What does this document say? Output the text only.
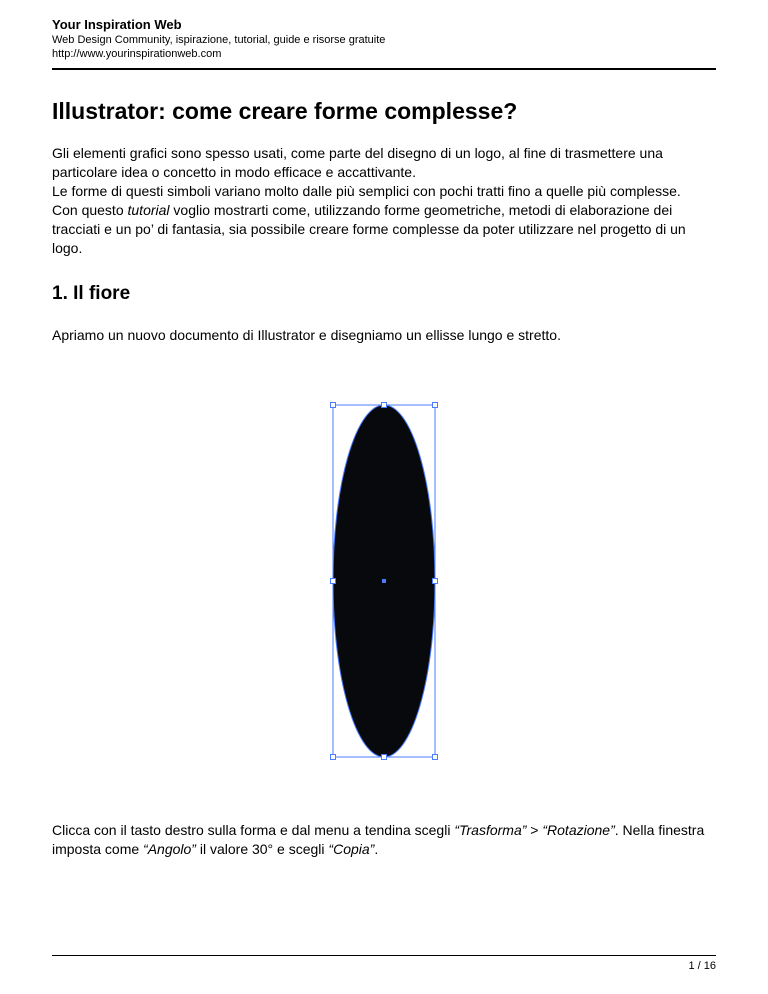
Your Inspiration Web
Web Design Community, ispirazione, tutorial, guide e risorse gratuite
http://www.yourinspirationweb.com
Illustrator: come creare forme complesse?

Gli elementi grafici sono spesso usati, come parte del disegno di un logo, al fine di trasmettere una particolare idea o concetto in modo efficace e accattivante.

Le forme di questi simboli variano molto dalle più semplici con pochi tratti fino a quelle più complesse.

Con questo tutorial voglio mostrarti come, utilizzando forme geometriche, metodi di elaborazione dei tracciati e un po’ di fantasia, sia possibile creare forme complesse da poter utilizzare nel progetto di un logo.

1. Il fiore

Apriamo un nuovo documento di Illustrator e disegniamo un ellisse lungo e stretto.

Clicca con il tasto destro sulla forma e dal menu a tendina scegli “Trasforma” > “Rotazione”. Nella finestra imposta come “Angolo” il valore 30° e scegli “Copia”.

1 / 16
